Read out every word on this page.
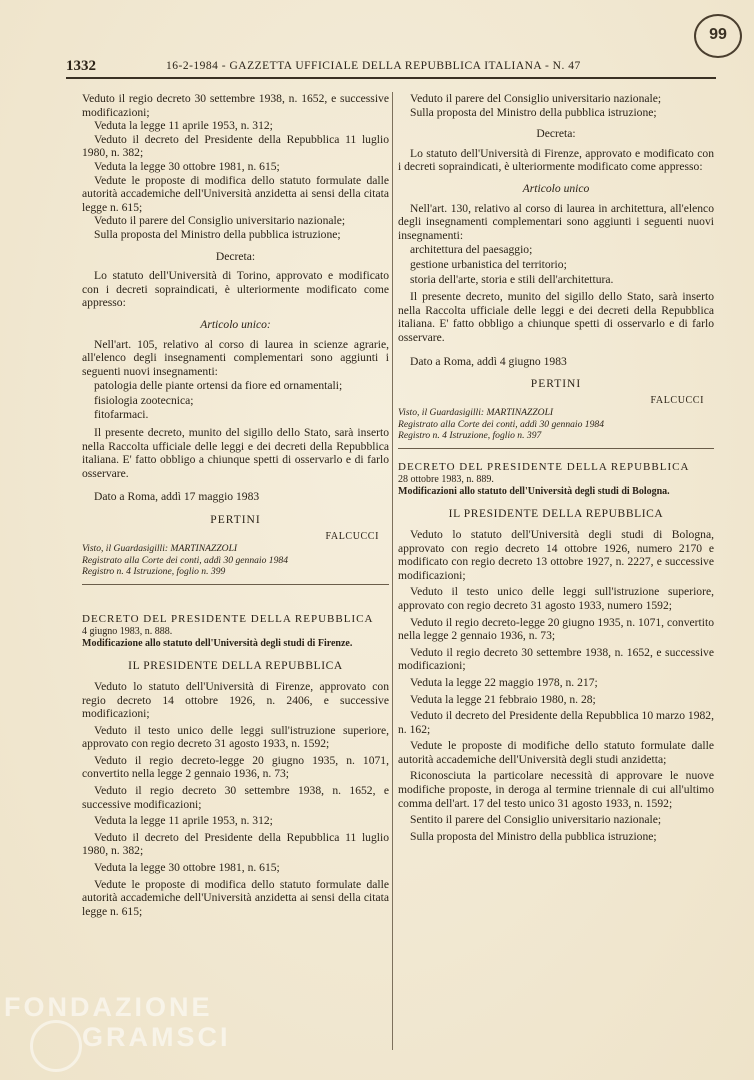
1332	16-2-1984 - GAZZETTA UFFICIALE DELLA REPUBBLICA ITALIANA - N. 47
99

Veduto il regio decreto 30 settembre 1938, n. 1652, e successive modificazioni;

Veduta la legge 11 aprile 1953, n. 312;

Veduto il decreto del Presidente della Repubblica 11 luglio 1980, n. 382;

Veduta la legge 30 ottobre 1981, n. 615;

Vedute le proposte di modifica dello statuto formulate dalle autorità accademiche dell'Università anzidetta ai sensi della citata legge n. 615;

Veduto il parere del Consiglio universitario nazionale;

Sulla proposta del Ministro della pubblica istruzione;

Decreta:

Lo statuto dell'Università di Torino, approvato e modificato con i decreti sopraindicati, è ulteriormente modificato come appresso:

Articolo unico:

Nell'art. 105, relativo al corso di laurea in scienze agrarie, all'elenco degli insegnamenti complementari sono aggiunti i seguenti nuovi insegnamenti:

patologia delle piante ortensi da fiore ed ornamentali;

fisiologia zootecnica;

fitofarmaci.

Il presente decreto, munito del sigillo dello Stato, sarà inserto nella Raccolta ufficiale delle leggi e dei decreti della Repubblica italiana. E' fatto obbligo a chiunque spetti di osservarlo e di farlo osservare.

Dato a Roma, addì 17 maggio 1983

PERTINI

FALCUCCI

Visto, il Guardasigilli: MARTINAZZOLI

Registrato alla Corte dei conti, addì 30 gennaio 1984

Registro n. 4 Istruzione, foglio n. 399

DECRETO DEL PRESIDENTE DELLA REPUBBLICA

4 giugno 1983, n. 888.

Modificazione allo statuto dell'Università degli studi di Firenze.

IL PRESIDENTE DELLA REPUBBLICA

Veduto lo statuto dell'Università di Firenze, approvato con regio decreto 14 ottobre 1926, n. 2406, e successive modificazioni;

Veduto il testo unico delle leggi sull'istruzione superiore, approvato con regio decreto 31 agosto 1933, n. 1592;

Veduto il regio decreto-legge 20 giugno 1935, n. 1071, convertito nella legge 2 gennaio 1936, n. 73;

Veduto il regio decreto 30 settembre 1938, n. 1652, e successive modificazioni;

Veduta la legge 11 aprile 1953, n. 312;

Veduto il decreto del Presidente della Repubblica 11 luglio 1980, n. 382;

Veduta la legge 30 ottobre 1981, n. 615;

Vedute le proposte di modifica dello statuto formulate dalle autorità accademiche dell'Università anzidetta ai sensi della citata legge n. 615;

Veduto il parere del Consiglio universitario nazionale;

Sulla proposta del Ministro della pubblica istruzione;

Decreta:

Lo statuto dell'Università di Firenze, approvato e modificato con i decreti sopraindicati, è ulteriormente modificato come appresso:

Articolo unico

Nell'art. 130, relativo al corso di laurea in architettura, all'elenco degli insegnamenti complementari sono aggiunti i seguenti nuovi insegnamenti:

architettura del paesaggio;

gestione urbanistica del territorio;

storia dell'arte, storia e stili dell'architettura.

Il presente decreto, munito del sigillo dello Stato, sarà inserto nella Raccolta ufficiale delle leggi e dei decreti della Repubblica italiana. E' fatto obbligo a chiunque spetti di osservarlo e di farlo osservare.

Dato a Roma, addì 4 giugno 1983

PERTINI

FALCUCCI

Visto, il Guardasigilli: MARTINAZZOLI

Registrato alla Corte dei conti, addì 30 gennaio 1984

Registro n. 4 Istruzione, foglio n. 397

DECRETO DEL PRESIDENTE DELLA REPUBBLICA

28 ottobre 1983, n. 889.

Modificazioni allo statuto dell'Università degli studi di Bologna.

IL PRESIDENTE DELLA REPUBBLICA

Veduto lo statuto dell'Università degli studi di Bologna, approvato con regio decreto 14 ottobre 1926, numero 2170 e modificato con regio decreto 13 ottobre 1927, n. 2227, e successive modificazioni;

Veduto il testo unico delle leggi sull'istruzione superiore, approvato con regio decreto 31 agosto 1933, numero 1592;

Veduto il regio decreto-legge 20 giugno 1935, n. 1071, convertito nella legge 2 gennaio 1936, n. 73;

Veduto il regio decreto 30 settembre 1938, n. 1652, e successive modificazioni;

Veduta la legge 22 maggio 1978, n. 217;

Veduta la legge 21 febbraio 1980, n. 28;

Veduto il decreto del Presidente della Repubblica 10 marzo 1982, n. 162;

Vedute le proposte di modifiche dello statuto formulate dalle autorità accademiche dell'Università degli studi anzidetta;

Riconosciuta la particolare necessità di approvare le nuove modifiche proposte, in deroga al termine triennale di cui all'ultimo comma dell'art. 17 del testo unico 31 agosto 1933, n. 1592;

Sentito il parere del Consiglio universitario nazionale;

Sulla proposta del Ministro della pubblica istruzione;

FONDAZIONE
GRAMSCI
